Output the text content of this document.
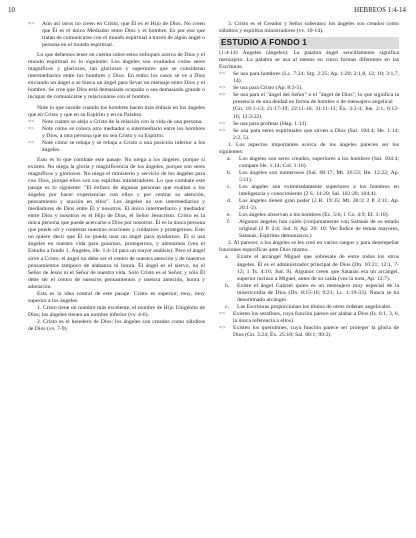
10	HEBREOS 1:4-14

=>	Aún así otros no creen en Cristo, que Él es el Hijo de Dios. No creen que Él es el único Mediador entre Dios y el hombre. Es por eso que tratan de comunicarse con el mundo espiritual a través de algún ángel o persona en el mundo espiritual.

Lo que debemos tener en cuenta sobre estos enfoques acerca de Dios y el mundo espiritual es lo siguiente: Los ángeles son exaltados como seres magníficos y gloriosos, tan gloriosos y superiores que se consideran intermediarios entre los hombres y Dios. En todos los casos se ve a Dios enviando un ángel o se busca un ángel para llevar un mensaje entre Dios y el hombre. Se cree que Dios está demasiado ocupado o sea demasiado grande o incapaz de comunicarse y relacionarse con el hombre.

Note lo que sucede cuando los hombres hacen más énfasis en los ángeles que en Cristo y que en su Espíritu y en su Palabra

=>	Note cuánto se aleja a Cristo de la relación con la vida de una persona.

=>	Note cómo se coloca otro mediador o intermediario entre los hombres y Dios, a otra persona que no sea Cristo y su Espíritu.

=>	Note cómo se rebaja y se rebaja a Cristo a una posición inferior a los ángeles.

Esto es lo que combate este pasaje. No niega a los ángeles, porque sí existen. No niega la gloria y magnificencia de los ángeles, porque son seres magníficos y gloriosos. No niega el ministerio y servicio de los ángeles para con Dios, porque ellos son sus espíritus ministradores. Lo que combate este pasaje es lo siguiente: "El énfasis de algunas personas que exaltan a los ángeles por hacer experiencias con ellos y por centrar su atención, pensamiento y oración en ellos". Los ángeles no son intermediarios y mediadores de Dios entre Él y nosotros. El único intermediario y mediador entre Dios y nosotros es el Hijo de Dios, el Señor Jesucristo. Cristo es la única persona que puede acercarse a Dios por nosotros. Él es la única persona que puede oír y contestar nuestras oraciones y cuidarnos y protegernos. Esto no quiere decir que Él no pueda usar un ángel para ayudarnos. Él sí usa ángeles en nuestra vida para guiarnos, protegernos, y alentarnos (vea el Estudio a fondo 1, Ángeles, He. 1:4-14 para un mayor análisis). Pero el ángel sirve a Cristo; el ángel no debe ser el centro de nuestra atención y de nuestros pensamientos tampoco de alabanza ni honra. Él ángel es el siervo, no el Señor de Jesús ni el Señor de nuestra vida. Sólo Cristo es el Señor, y sólo Él debe ser el centro de nuestros pensamientos y nuestra atención, honra y adoración.

Esta es la idea central de este pasaje: Cristo es superior, muy, muy superior a los ángeles.

1. Cristo tiene un nombre más excelente, el nombre de Hijo Unigénito de Dios; los ángeles tienen un nombre inferior (vv. 4-6).

2. Cristo es el heredero de Dios; los ángeles son creados como súbditos de Dios (vv. 7-9).

3. Cristo es el Creador y Señor soberano; los ángeles son creados como súbditos y espíritus ministradores (vv. 10-14).

ESTUDIO A FONDO 1

(1:4-14) Ángeles (ángeles): La palabra ángel sencillamente significa mensajero. La palabra se usa al menos en cinco formas diferentes en las Escrituras.

=>	Se usa para hombres (Lc. 7:24; Stg. 2:25; Ap. 1:20; 2:1,8, 12, 18; 3:1,7, 14).

=>	Se usa para Cristo (Ap. 8:3-5).

=>	Se usa para el "ángel del Señor" o el "ángel de Dios", lo que significa la presencia de una deidad en forma de hombre o de mensajero angelical

(Gn. 16:1-13; 21:17-19; 22:11-16; 31:11-13; Éx. 3:2-4; Jue. 2:1; 6:12-16; 13:3-22).

=>	Se usa para profetas (Hag. 1:13).

=>	Se usa para seres espirituales que sirven a Dios (Sal. 104:4; He. 1:14; 2:2, 5).

1. Los aspectos importantes acerca de los ángeles parecen ser los siguientes:

a.	Los ángeles son seres creados, superiores a los hombres (Sal. 104:4; compare He. 1:14; Col. 1:16).

b.	Los ángeles son numerosos (Sal. 68:17; Mt. 26:53; He. 12:22; Ap. 5:11).

c.	Los ángeles son extremadamente superiores a los hombres en inteligencia y conocimiento (2 S. 14:20; Sal. 103:20; 104:4).

d.	Los ángeles tienen gran poder (2 R. 19:35; Mt. 28:3; 2 P. 2:11; Ap. 20:1-2).

e.	Los ángeles observan a los hombres (Ec. 5:6; 1 Co. 4:9; Ef. 3:10).

f.	Algunos ángeles han caído (conjuntamente con Satanás de su estado original (2 P. 2:4; Jud. 6; Ap. 20: 10: Ver Índice de temas mayores, Satanás; Espíritus demoniacos.)

2. Al parecer, a los ángeles se les creó en varios rangos y para desempeñar funciones específicas ante Dios mismo.

a.	Existe el arcángel Miguel que sobresale de entre todos los otros ángeles. Él es el administrador principal de Dios (Dn. 10:21; 12:1, 7-12; 1 Ts. 4:16; Jud. 9). Algunos creen que Satanás era un arcángel, superior incluso a Miguel, antes de su caída (vea la nota, Ap. 12:7).

b.	Existe el ángel Gabriel quien es un mensajero muy especial de la misericordia de Dios (Dn. 8:15-16; 9:21; Lc. 1:19-33). Nunca se ha denominado arcángel.

c.	Las Escrituras proporcionan los títulos de otros órdenes angelicales.

=>	Existen los serafines, cuya función parece ser alabar a Dios (Is. 6:1, 3, 6, la única referencia a ellos).

=>	Existen los querubines, cuya función parece ser proteger la gloria de Dios (Gn. 3:24; Éx. 25:18; Sal. 80:1; 99:2).
